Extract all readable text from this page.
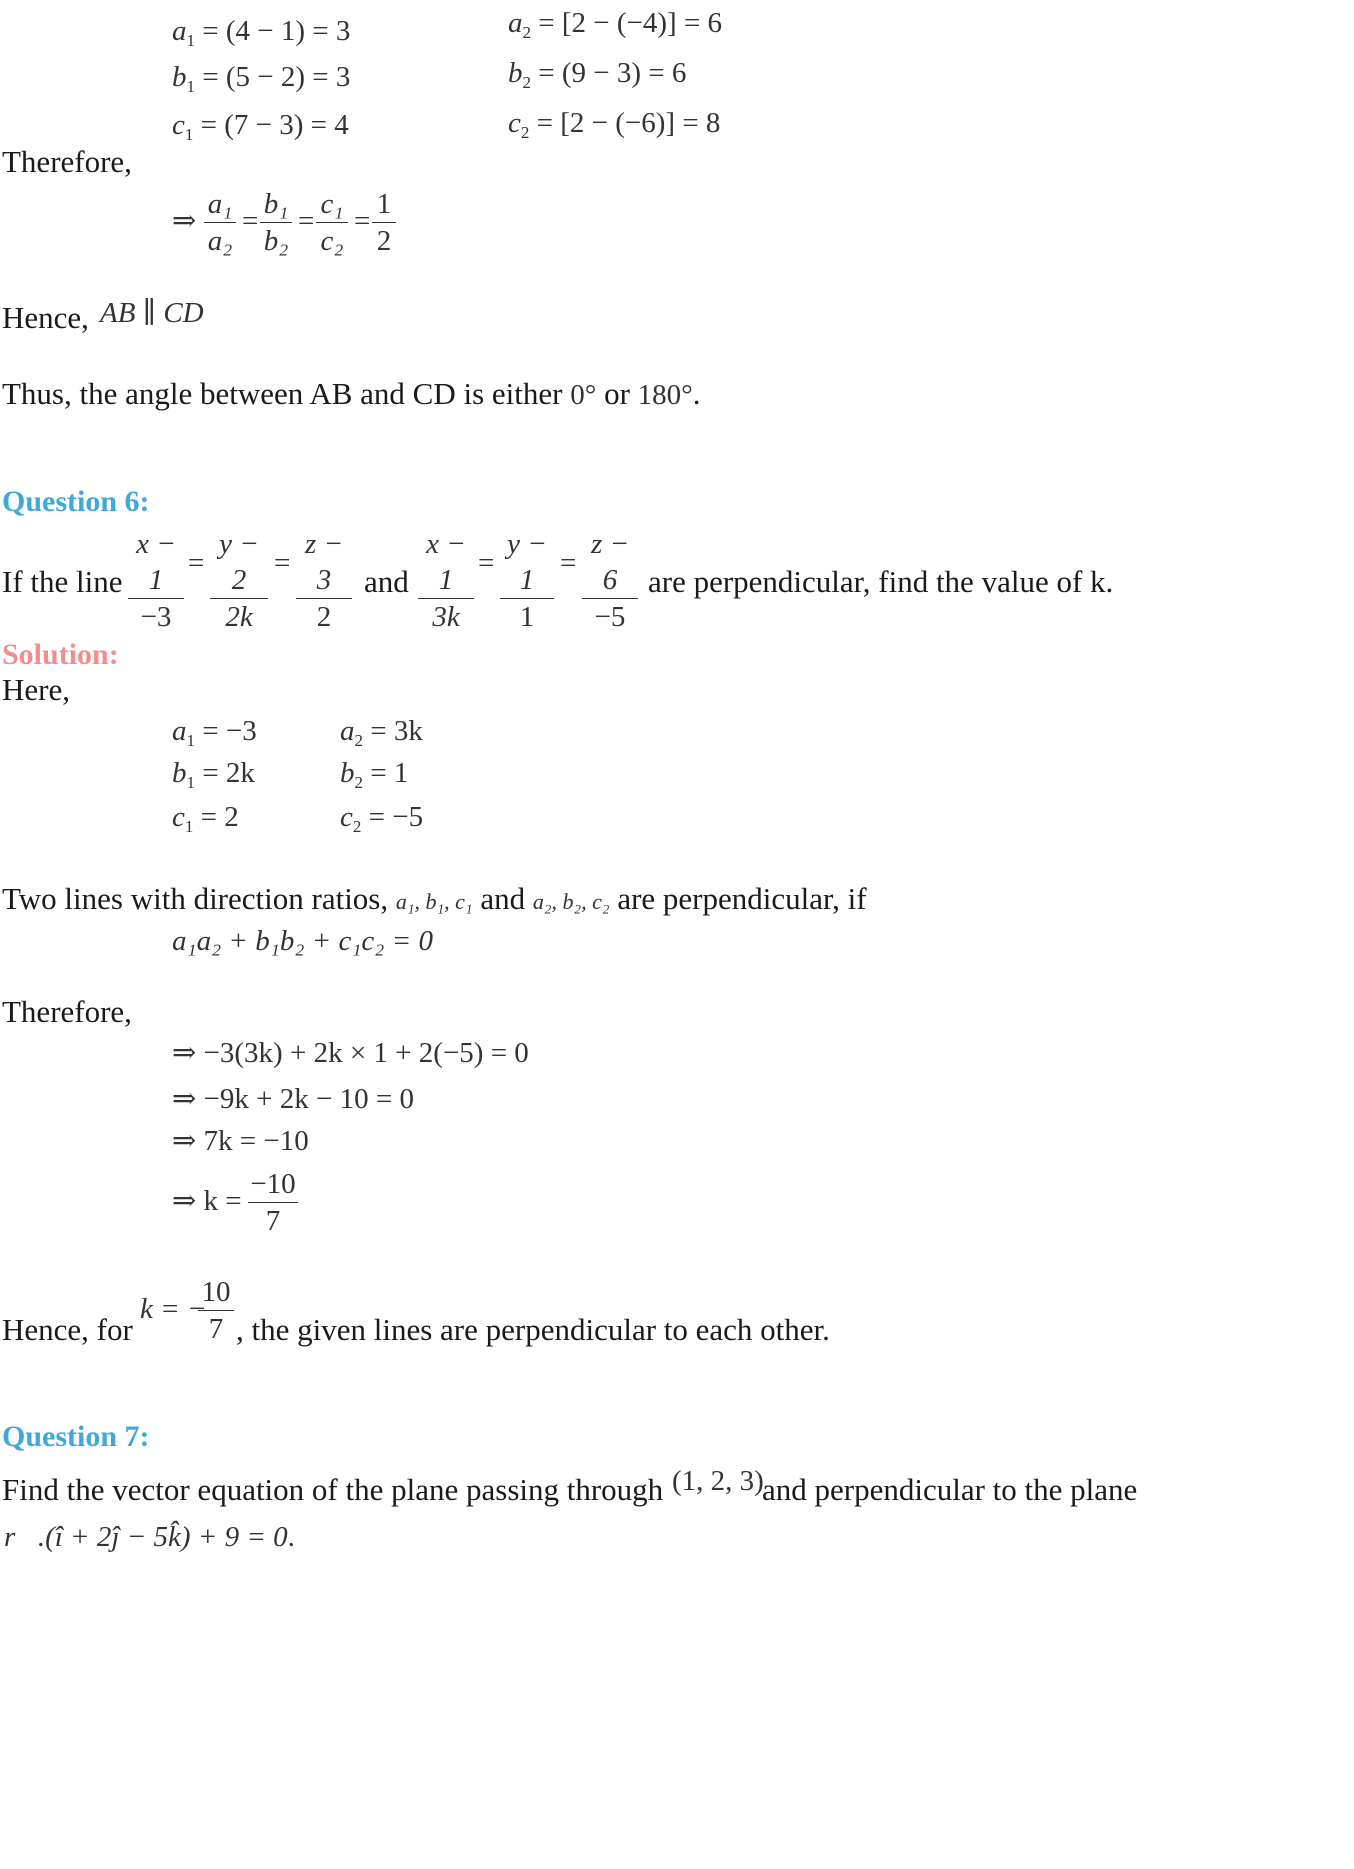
$a_1 = (4 - 1) = 3$
$b_1 = (5 - 2) = 3$
$c_1 = (7 - 3) = 4$
$a_2 = [2 - (-4)] = 6$
$b_2 = (9 - 3) = 6$
$c_2 = [2 - (-6)] = 8$
Therefore,
⇒
a₁
a₂
=
b₁
b₂
=
c₁
c₂
=
1
2
Hence, AB ∥ CD
Thus, the angle between AB and CD is either 0° or 180°.
Question 6:
If the line
x − 1
−3
=
y − 2
2k
=
z − 3
2
and
x − 1
3k
=
y − 1
1
=
z − 6
−5
are perpendicular, find the value of k.
Solution:
Here,
$a_1 = -3$
$b_1 = 2k$
$c_1 = 2$
$a_2 = 3k$
$b_2 = 1$
$c_2 = -5$
Two lines with direction ratios, a₁, b₁, c₁ and a₂, b₂, c₂ are perpendicular, if
a₁a₂ + b₁b₂ + c₁c₂ = 0
Therefore,
⇒ −3(3k) + 2k × 1 + 2(−5) = 0
⇒ −9k + 2k − 10 = 0
⇒ 7k = −10
⇒ k =
−10
7
Hence, for
k = −
10
7 , the given lines are perpendicular to each other.
Question 7:
Find the vector equation of the plane passing through (1, 2, 3)
and perpendicular to the plane
r⃗.(î + 2ĵ − 5k̂) + 9 = 0.
